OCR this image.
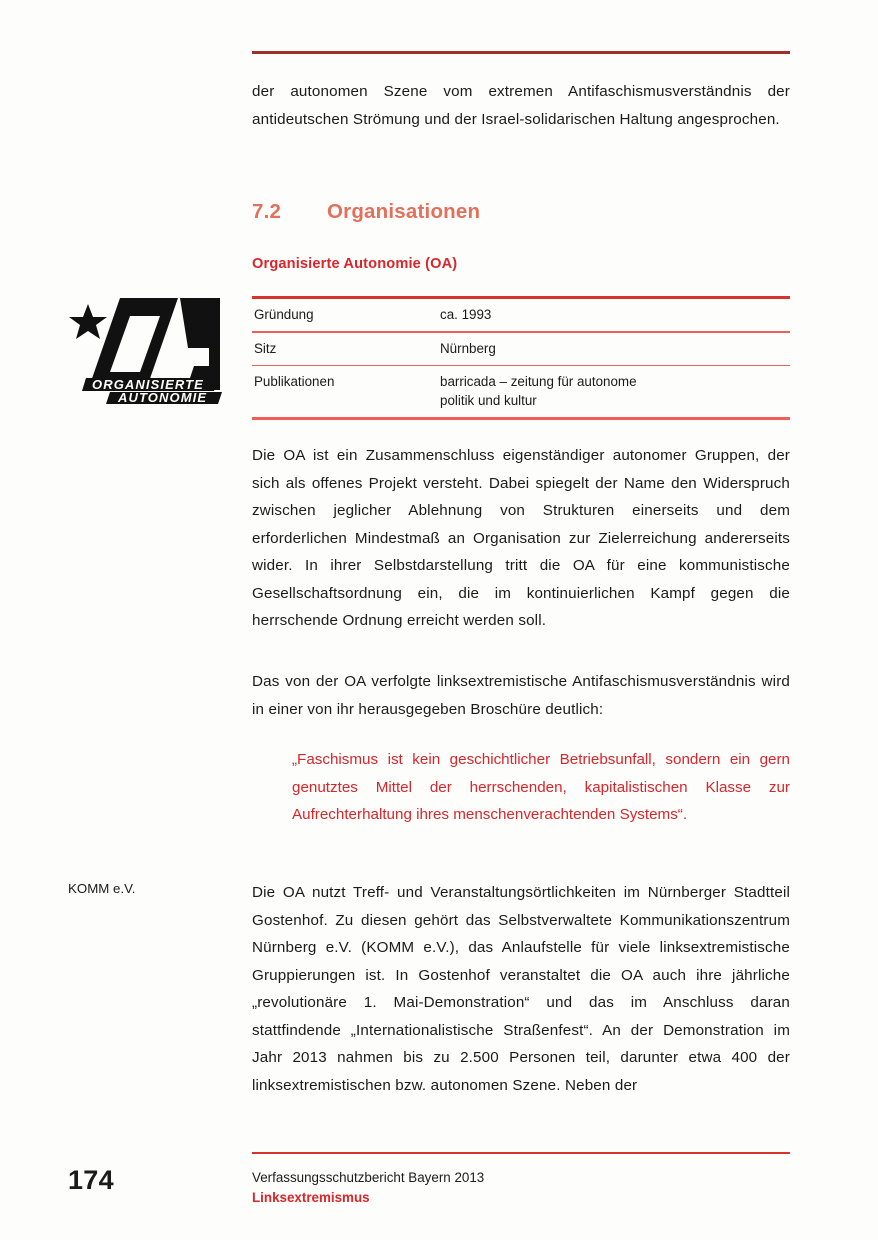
der autonomen Szene vom extremen Antifaschismusverständnis der antideutschen Strömung und der Israel-solidarischen Haltung angesprochen.

7.2 Organisationen
Organisierte Autonomie (OA)
ORGANISIERTE
AUTONOMIE
Gründung	ca. 1993
Sitz	Nürnberg
Publikationen	barricada – zeitung für autonome
politik und kultur

Die OA ist ein Zusammenschluss eigenständiger autonomer Gruppen, der sich als offenes Projekt versteht. Dabei spiegelt der Name den Widerspruch zwischen jeglicher Ablehnung von Strukturen einerseits und dem erforderlichen Mindestmaß an Organisation zur Zielerreichung andererseits wider. In ihrer Selbstdarstellung tritt die OA für eine kommunistische Gesellschaftsordnung ein, die im kontinuierlichen Kampf gegen die herrschende Ordnung erreicht werden soll.

Das von der OA verfolgte linksextremistische Antifaschismusverständnis wird in einer von ihr herausgegeben Broschüre deutlich:

„Faschismus ist kein geschichtlicher Betriebsunfall, sondern ein gern genutztes Mittel der herrschenden, kapitalistischen Klasse zur Aufrechterhaltung ihres menschenverachtenden Systems“.
KOMM e.V.	Die OA nutzt Treff- und Veranstaltungsörtlichkeiten im Nürnberger Stadtteil Gostenhof. Zu diesen gehört das Selbstverwaltete Kommunikationszentrum Nürnberg e.V. (KOMM e.V.), das Anlaufstelle für viele linksextremistische Gruppierungen ist. In Gostenhof veranstaltet die OA auch ihre jährliche „revolutionäre 1. Mai-Demonstration“ und das im Anschluss daran stattfindende „Internationalistische Straßenfest“. An der Demonstration im Jahr 2013 nahmen bis zu 2.500 Personen teil, darunter etwa 400 der linksextremistischen bzw. autonomen Szene. Neben der

174	Verfassungsschutzbericht Bayern 2013
Linksextremismus
